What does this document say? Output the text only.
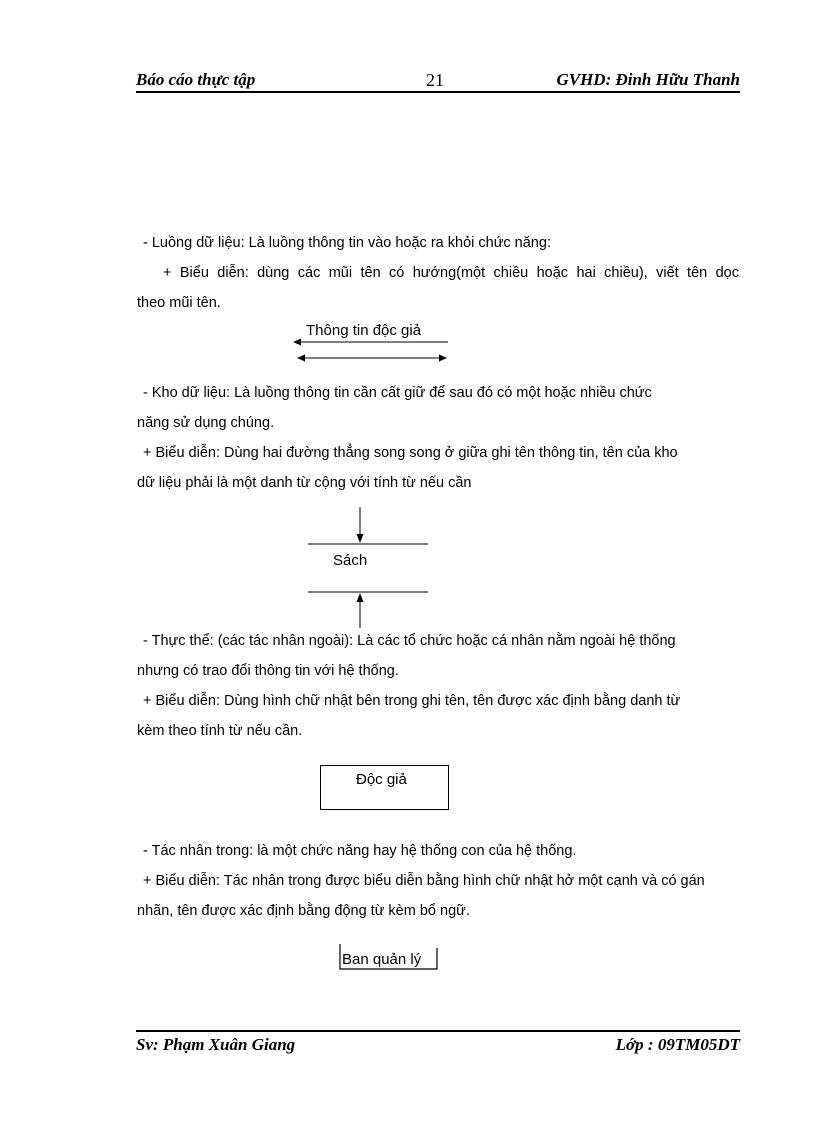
Báo cáo thực tập	21	GVHD: Đinh Hữu Thanh
- Luồng dữ liệu: Là luồng thông tin vào hoặc ra khỏi chức năng:
+ Biểu diễn: dùng các mũi tên có hướng(một chiều hoặc hai chiều), viết tên dọc
theo mũi tên.
Thông tin độc giả
- Kho dữ liệu: Là luồng thông tin cần cất giữ để sau đó có một hoặc nhiều chức
năng sử dụng chúng.
+ Biểu diễn: Dùng hai đường thẳng song song ở giữa ghi tên thông tin, tên của kho
dữ liệu phải là một danh từ cộng với tính từ nếu cần
Sách
- Thực thể: (các tác nhân ngoài): Là các tổ chức hoặc cá nhân nằm ngoài hệ thống
nhưng có trao đổi thông tin với hệ thống.
+ Biểu diễn: Dùng hình chữ nhật bên trong ghi tên, tên được xác định bằng danh từ
kèm theo tính từ nếu cần.
Độc giả
- Tác nhân trong: là một chức năng hay hệ thống con của hệ thống.
+ Biểu diễn: Tác nhân trong được biểu diễn bằng hình chữ nhật hở một cạnh và có gán
nhãn, tên được xác định bằng động từ kèm bổ ngữ.
Ban quản lý
Sv: Phạm Xuân Giang	Lớp : 09TM05DT
